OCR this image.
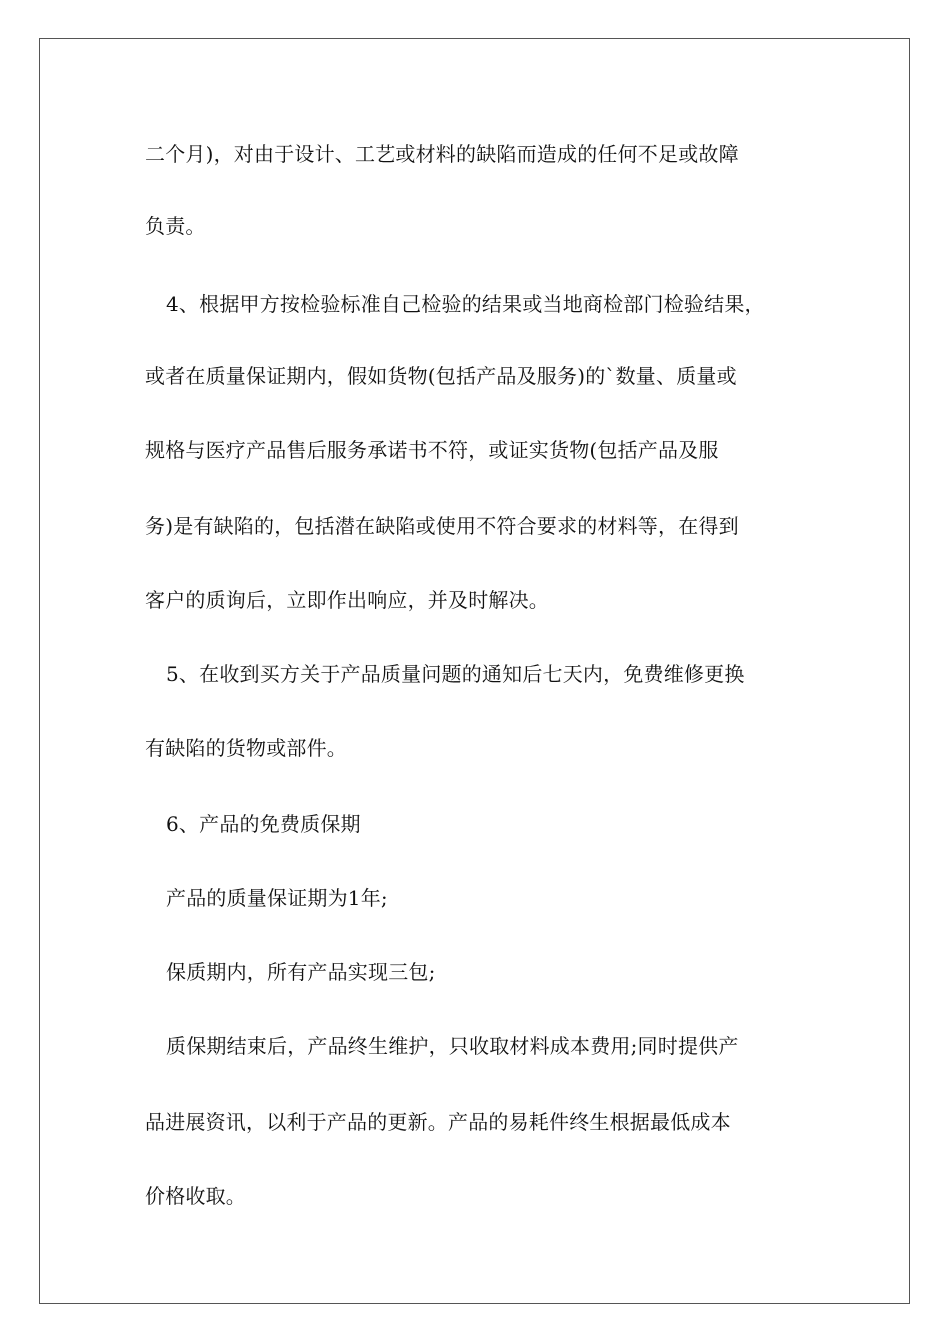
二个月)，对由于设计、工艺或材料的缺陷而造成的任何不足或故障
负责。
4、根据甲方按检验标准自己检验的结果或当地商检部门检验结果，
或者在质量保证期内，假如货物(包括产品及服务)的`数量、质量或
规格与医疗产品售后服务承诺书不符，或证实货物(包括产品及服
务)是有缺陷的，包括潜在缺陷或使用不符合要求的材料等，在得到
客户的质询后，立即作出响应，并及时解决。
5、在收到买方关于产品质量问题的通知后七天内，免费维修更换
有缺陷的货物或部件。
6、产品的免费质保期
产品的质量保证期为1年;
保质期内，所有产品实现三包;
质保期结束后，产品终生维护，只收取材料成本费用;同时提供产
品进展资讯，以利于产品的更新。产品的易耗件终生根据最低成本
价格收取。
